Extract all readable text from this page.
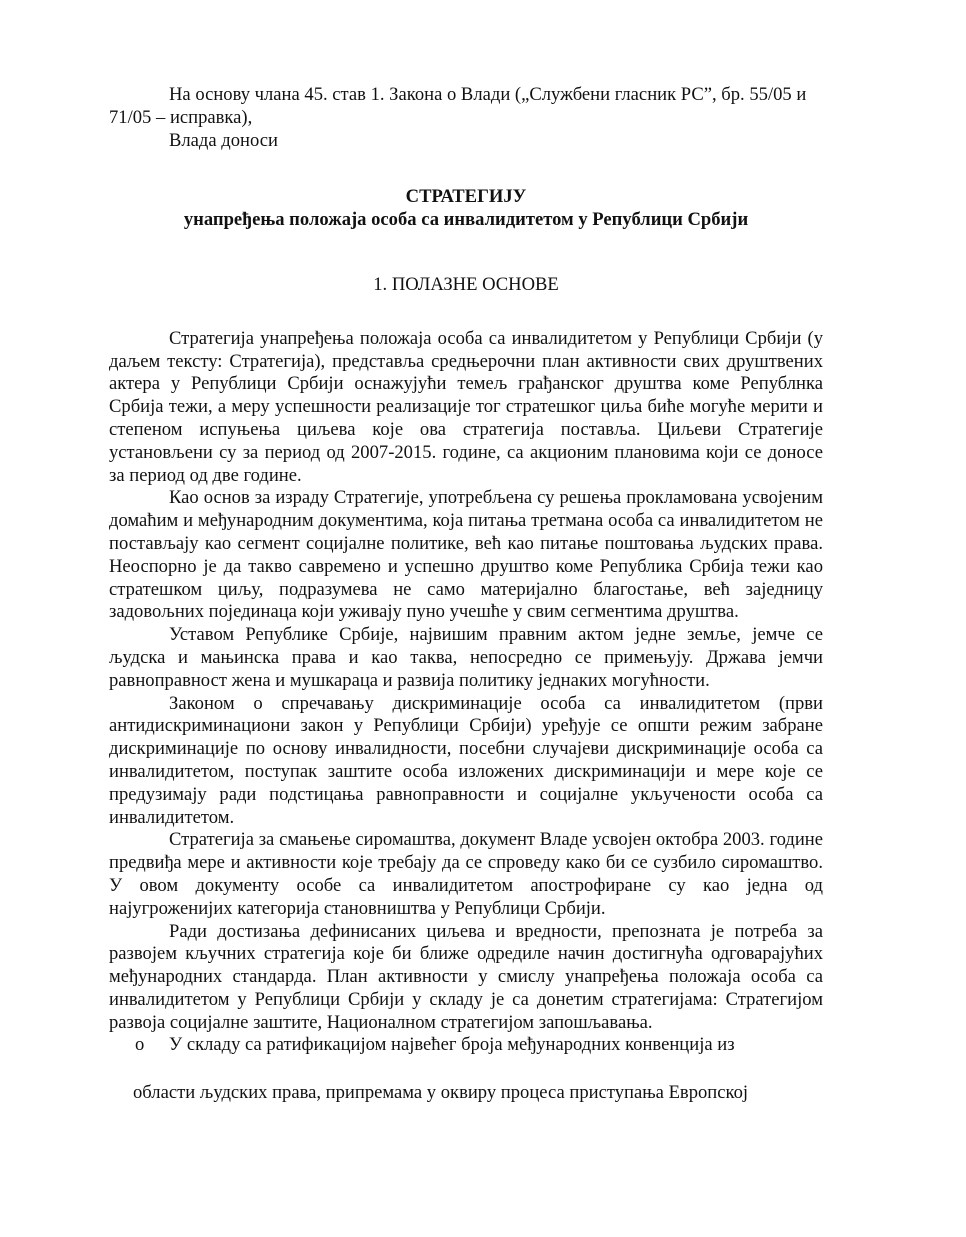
На основу члана 45. став 1. Закона о Влади („Службени гласник РС”, бр. 55/05 и 71/05 – исправка),

Влада доноси

СТРАТЕГИЈУ

унапређења положаја особа са инвалидитетом у Републици Србији

1. ПОЛАЗНЕ ОСНОВЕ

Стратегија унапређења положаја особа са инвалидитетом у Републици Србији (у даљем тексту: Стратегија), представља средњерочни план активности свих друштвених актера у Републици Србији оснажујући темељ грађанског друштва коме Републнка Србија тежи, а меру успешности реализације тог стратешког циља биће могуће мерити и степеном испуњења циљева које ова стратегија поставља. Циљеви Стратегије установљени су за период од 2007-2015. године, са акционим плановима који се доносе за период од две године.

Као основ за израду Стратегије, употребљена су решења прокламована усвојеним домаћим и међународним документима, која питања третмана особа са инвалидитетом не постављају као сегмент социјалне политике, већ као питање поштовања људских права. Неоспорно је да такво савремено и успешно друштво коме Република Србија тежи као стратешком циљу, подразумева не само материјално благостање, већ заједницу задовољних појединаца који уживају пуно учешће у свим сегментима друштва.

Уставом Републике Србије, највишим правним актом једне земље, јемче се људска и мањинска права и као таква, непосредно се примењују. Држава јемчи равноправност жена и мушкараца и развија политику једнаких могућности.

Законом о спречавању дискриминације особа са инвалидитетом (први антидискриминациони закон у Републици Србији) уређује се општи режим забране дискриминације по основу инвалидности, посебни случајеви дискриминације особа са инвалидитетом, поступак заштите особа изложених дискриминацији и мере које се предузимају ради подстицања равноправности и социјалне укључености особа са инвалидитетом.

Стратегија за смањење сиромаштва, документ Владе усвојен октобра 2003. године предвиђа мере и активности које требају да се спроведу како би се сузбило сиромаштво. У овом документу особе са инвалидитетом апострофиране су као једна од најугроженијих категорија становништва у Републици Србији.

Ради достизања дефинисаних циљева и вредности, препозната је потреба за развојем кључних стратегија које би ближе одредиле начин достигнућа одговарајућих међународних стандарда. План активности у смислу унапређења положаја особа са инвалидитетом у Републици Србији у складу је са донетим стратегијама: Стратегијом развоја социјалне заштите, Националном стратегијом запошљавања.

o У складу са ратификацијом највећег броја међународних конвенција из

области људских права, припремама у оквиру процеса приступања Европској
